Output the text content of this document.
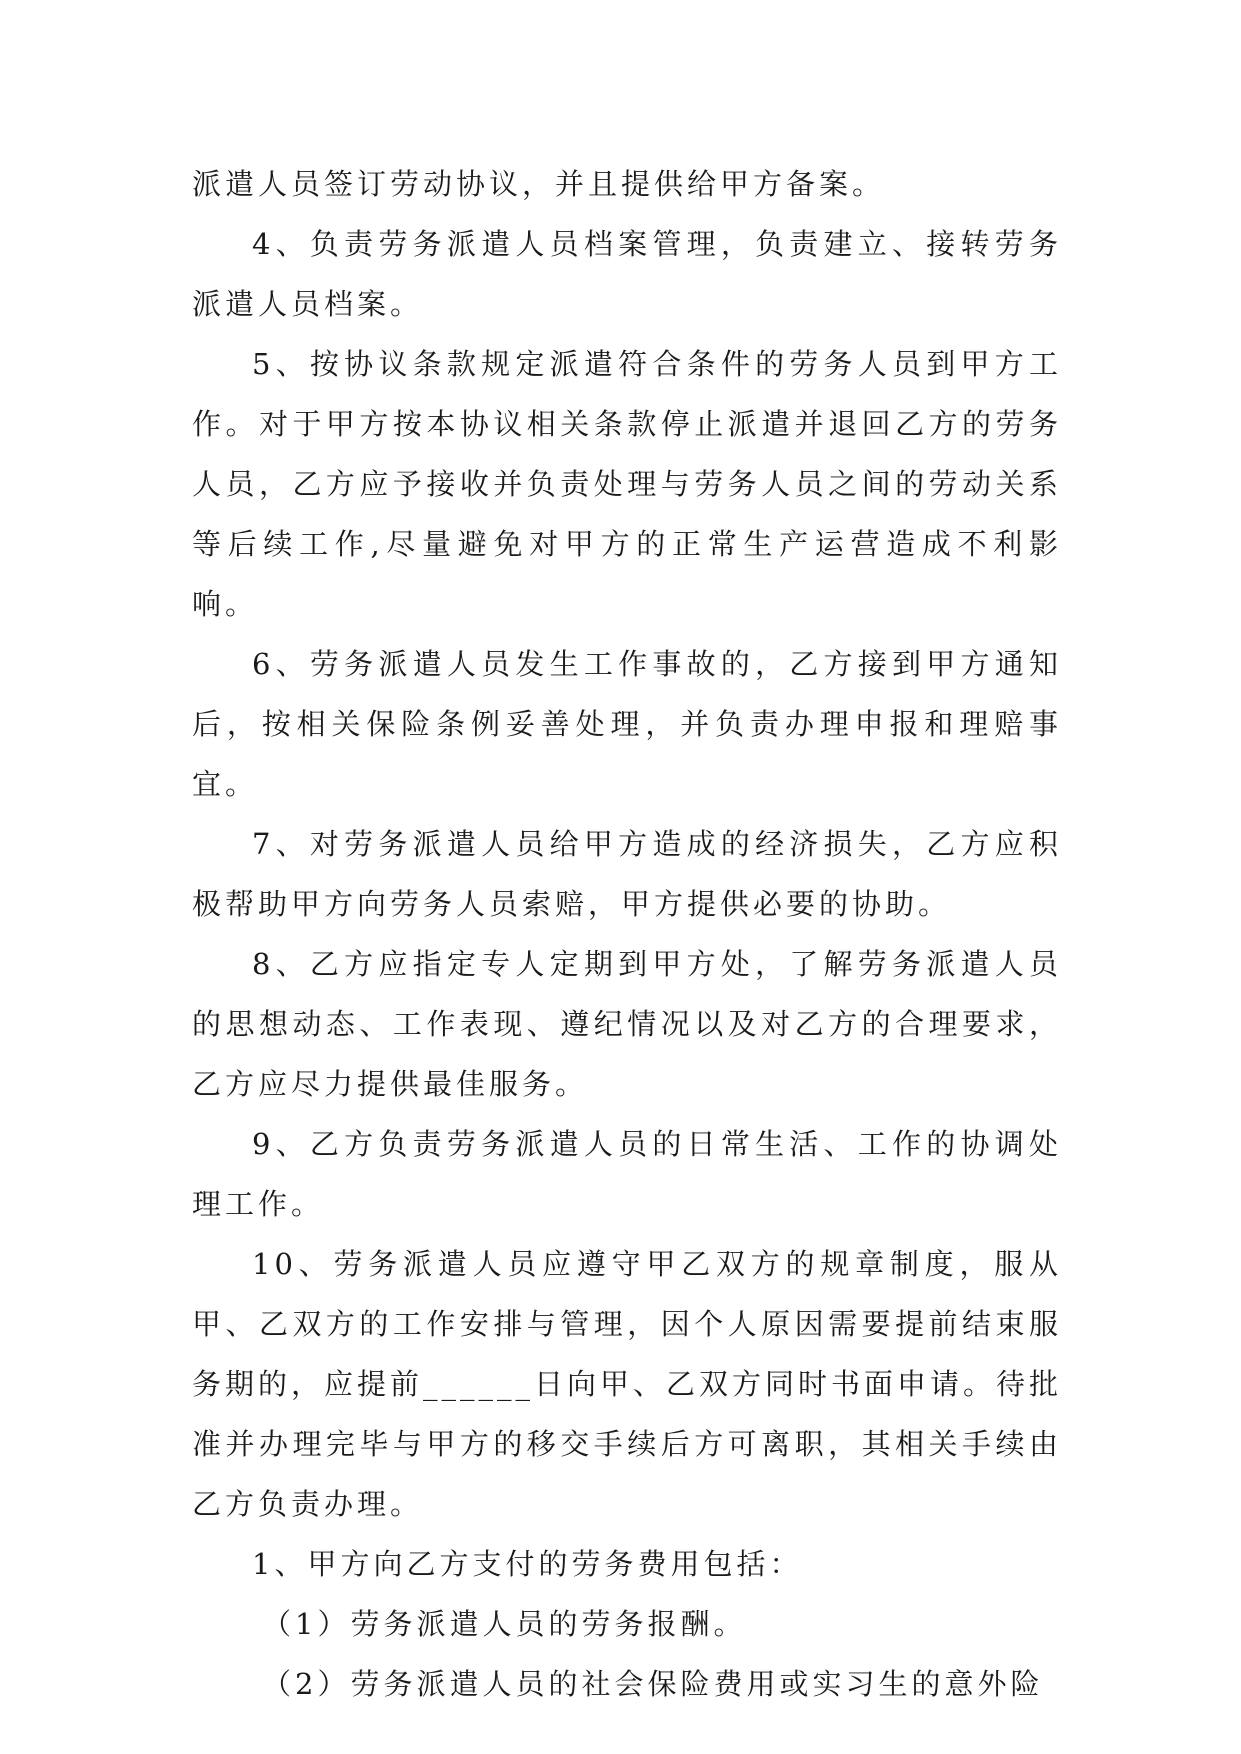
派遣人员签订劳动协议，并且提供给甲方备案。

4、负责劳务派遣人员档案管理，负责建立、接转劳务派遣人员档案。

5、按协议条款规定派遣符合条件的劳务人员到甲方工作。对于甲方按本协议相关条款停止派遣并退回乙方的劳务人员，乙方应予接收并负责处理与劳务人员之间的劳动关系等后续工作,尽量避免对甲方的正常生产运营造成不利影响。

6、劳务派遣人员发生工作事故的，乙方接到甲方通知后，按相关保险条例妥善处理，并负责办理申报和理赔事宜。

7、对劳务派遣人员给甲方造成的经济损失，乙方应积极帮助甲方向劳务人员索赔，甲方提供必要的协助。

8、乙方应指定专人定期到甲方处，了解劳务派遣人员的思想动态、工作表现、遵纪情况以及对乙方的合理要求，乙方应尽力提供最佳服务。

9、乙方负责劳务派遣人员的日常生活、工作的协调处理工作。

10、劳务派遣人员应遵守甲乙双方的规章制度，服从甲、乙双方的工作安排与管理，因个人原因需要提前结束服务期的，应提前______日向甲、乙双方同时书面申请。待批准并办理完毕与甲方的移交手续后方可离职，其相关手续由乙方负责办理。

1、甲方向乙方支付的劳务费用包括：

（1）劳务派遣人员的劳务报酬。

（2）劳务派遣人员的社会保险费用或实习生的意外险
